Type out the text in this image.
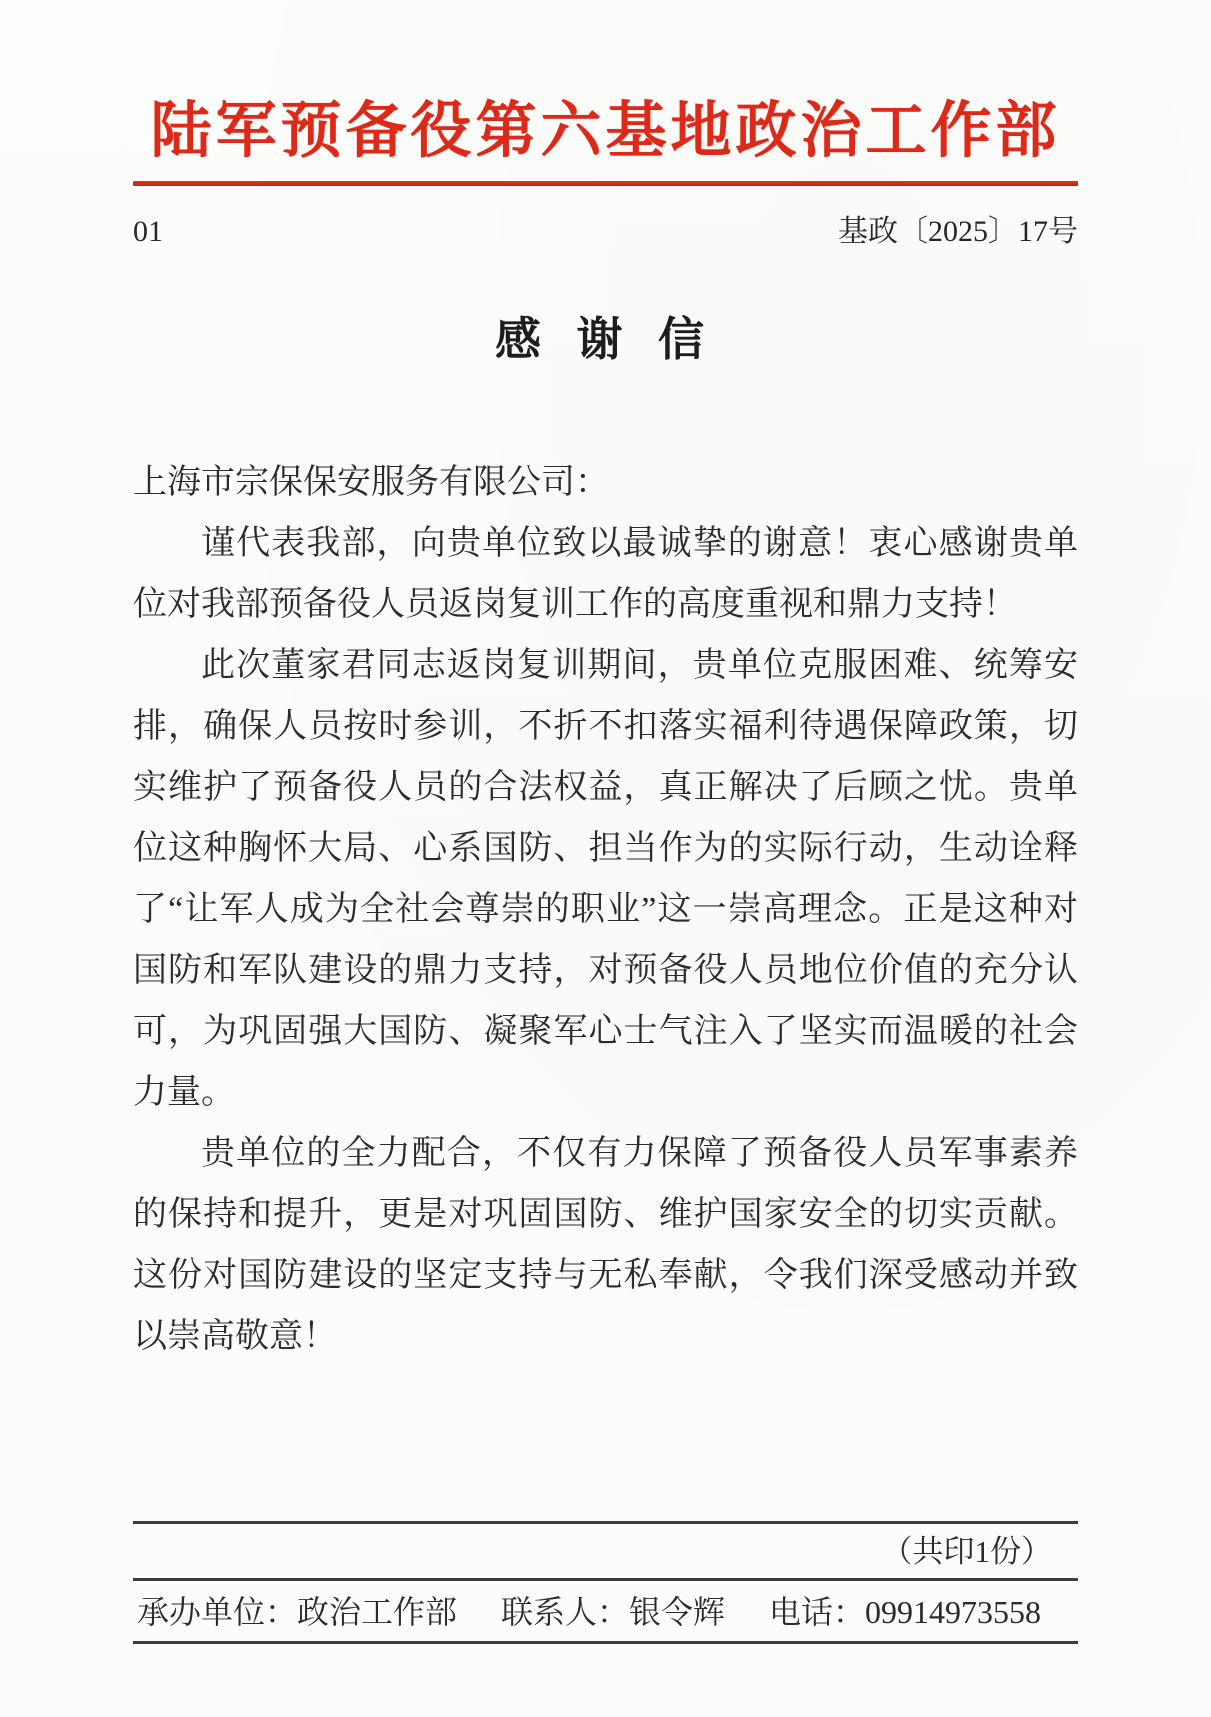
陆军预备役第六基地政治工作部
01	基政〔2025〕17号
感 谢 信

上海市宗保保安服务有限公司：

谨代表我部，向贵单位致以最诚挚的谢意！衷心感谢贵单位对我部预备役人员返岗复训工作的高度重视和鼎力支持！

此次董家君同志返岗复训期间，贵单位克服困难、统筹安排，确保人员按时参训，不折不扣落实福利待遇保障政策，切实维护了预备役人员的合法权益，真正解决了后顾之忧。贵单位这种胸怀大局、心系国防、担当作为的实际行动，生动诠释了“让军人成为全社会尊崇的职业”这一崇高理念。正是这种对国防和军队建设的鼎力支持，对预备役人员地位价值的充分认可，为巩固强大国防、凝聚军心士气注入了坚实而温暖的社会力量。

贵单位的全力配合，不仅有力保障了预备役人员军事素养的保持和提升，更是对巩固国防、维护国家安全的切实贡献。这份对国防建设的坚定支持与无私奉献，令我们深受感动并致以崇高敬意！

（共印1份）
承办单位：政治工作部 联系人：银令辉 电话：09914973558
